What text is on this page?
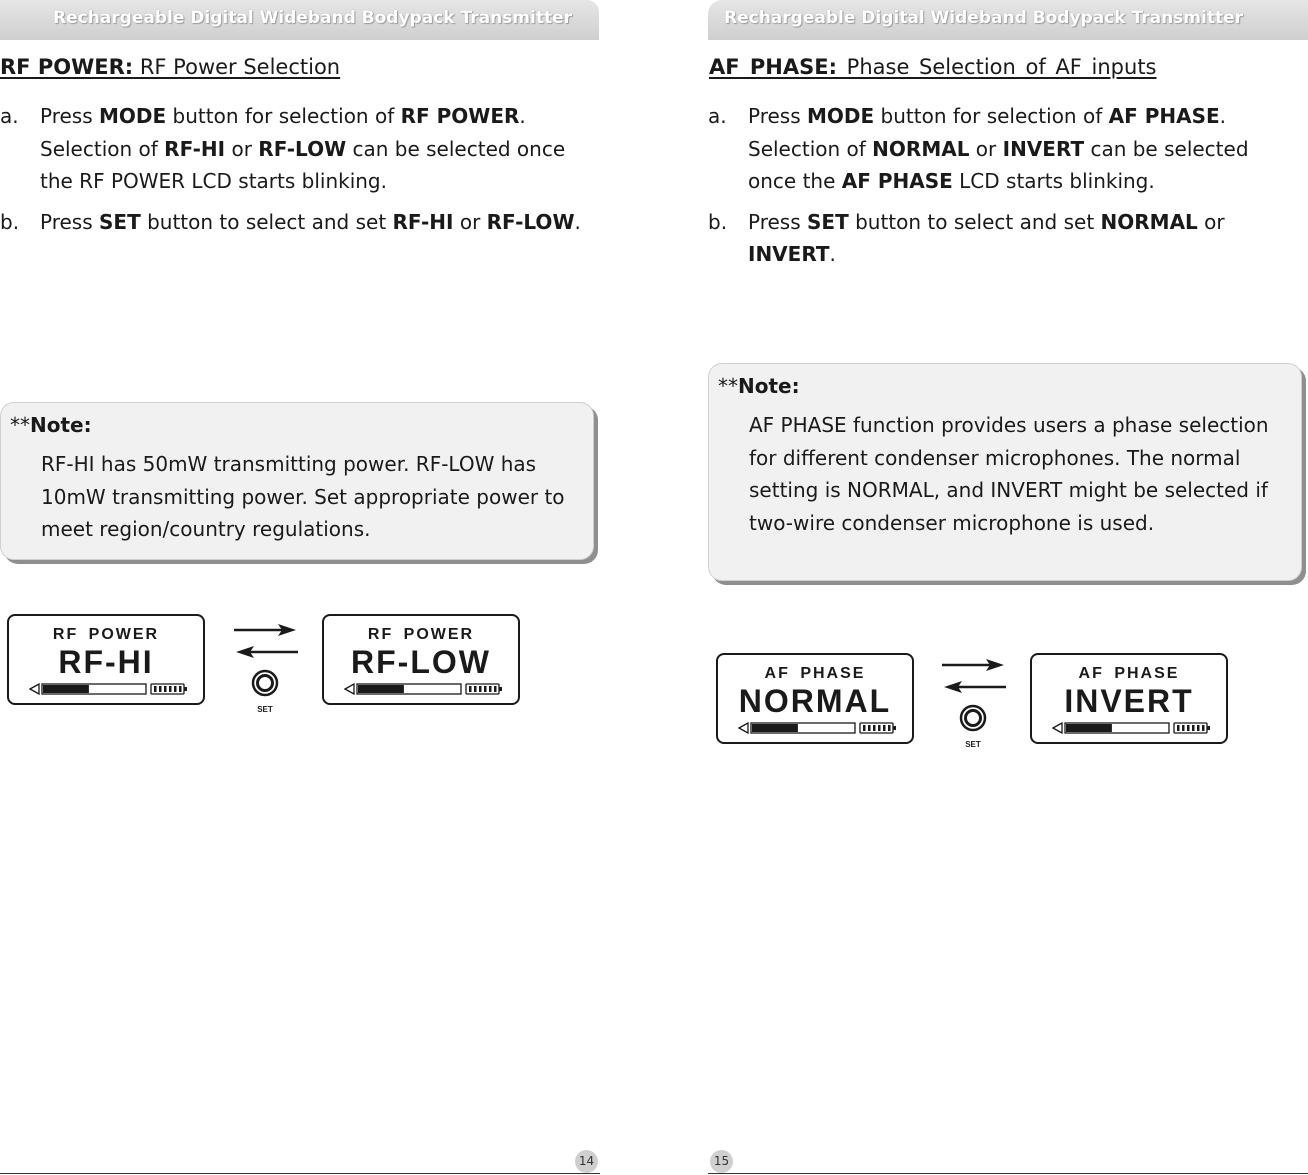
Rechargeable Digital Wideband Bodypack Transmitter
RF POWER: RF Power Selection
a. Press MODE button for selection of RF POWER. Selection of RF-HI or RF-LOW can be selected once the RF POWER LCD starts blinking.
b. Press SET button to select and set RF-HI or RF-LOW.
**Note:
RF-HI has 50mW transmitting power. RF-LOW has 10mW transmitting power. Set appropriate power to meet region/country regulations.
RF POWER
RF-HI
SET
RF POWER
RF-LOW
14
Rechargeable Digital Wideband Bodypack Transmitter
AF PHASE: Phase Selection of AF inputs
a. Press MODE button for selection of AF PHASE. Selection of NORMAL or INVERT can be selected once the AF PHASE LCD starts blinking.
b. Press SET button to select and set NORMAL or INVERT.
**Note:
AF PHASE function provides users a phase selection for different condenser microphones. The normal setting is NORMAL, and INVERT might be selected if two-wire condenser microphone is used.
AF PHASE
NORMAL
SET
AF PHASE
INVERT
15
